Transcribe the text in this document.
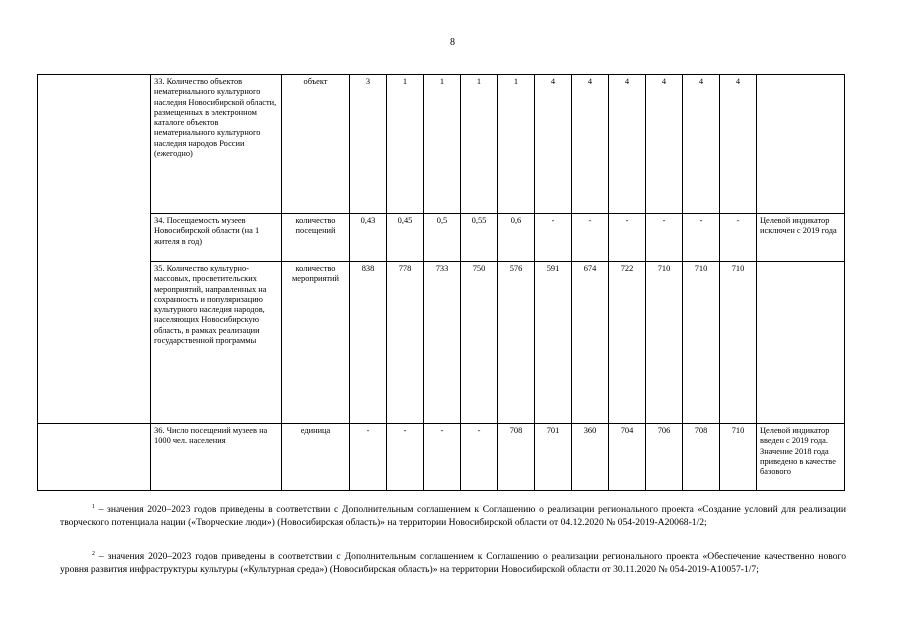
8
	33. Количество объектов нематериального культурного наследия Новосибирской области, размещенных в электронном каталоге объектов нематериального культурного наследия народов России (ежегодно)	объект	3	1	1	1	1	4	4	4	4	4	4	
	34. Посещаемость музеев Новосибирской области (на 1 жителя в год)	количество посещений	0,43	0,45	0,5	0,55	0,6	-	-	-	-	-	-	Целевой индикатор исключен с 2019 года
	35. Количество культурно-массовых, просветительских мероприятий, направленных на сохранность и популяризацию культурного наследия народов, населяющих Новосибирскую область, в рамках реализации государственной программы	количество мероприятий	838	778	733	750	576	591	674	722	710	710	710	
	36. Число посещений музеев на 1000 чел. населения	единица	-	-	-	-	708	701	360	704	706	708	710	Целевой индикатор введен с 2019 года. Значение 2018 года приведено в качестве базового

$^1$ – значения 2020–2023 годов приведены в соответствии с Дополнительным соглашением к Соглашению о реализации регионального проекта «Создание условий для реализации творческого потенциала нации («Творческие люди») (Новосибирская область)» на территории Новосибирской области от 04.12.2020 № 054-2019-А20068-1/2;

$^2$ – значения 2020–2023 годов приведены в соответствии с Дополнительным соглашением к Соглашению о реализации регионального проекта «Обеспечение качественно нового уровня развития инфраструктуры культуры («Культурная среда») (Новосибирская область)» на территории Новосибирской области от 30.11.2020 № 054-2019-А10057-1/7;
